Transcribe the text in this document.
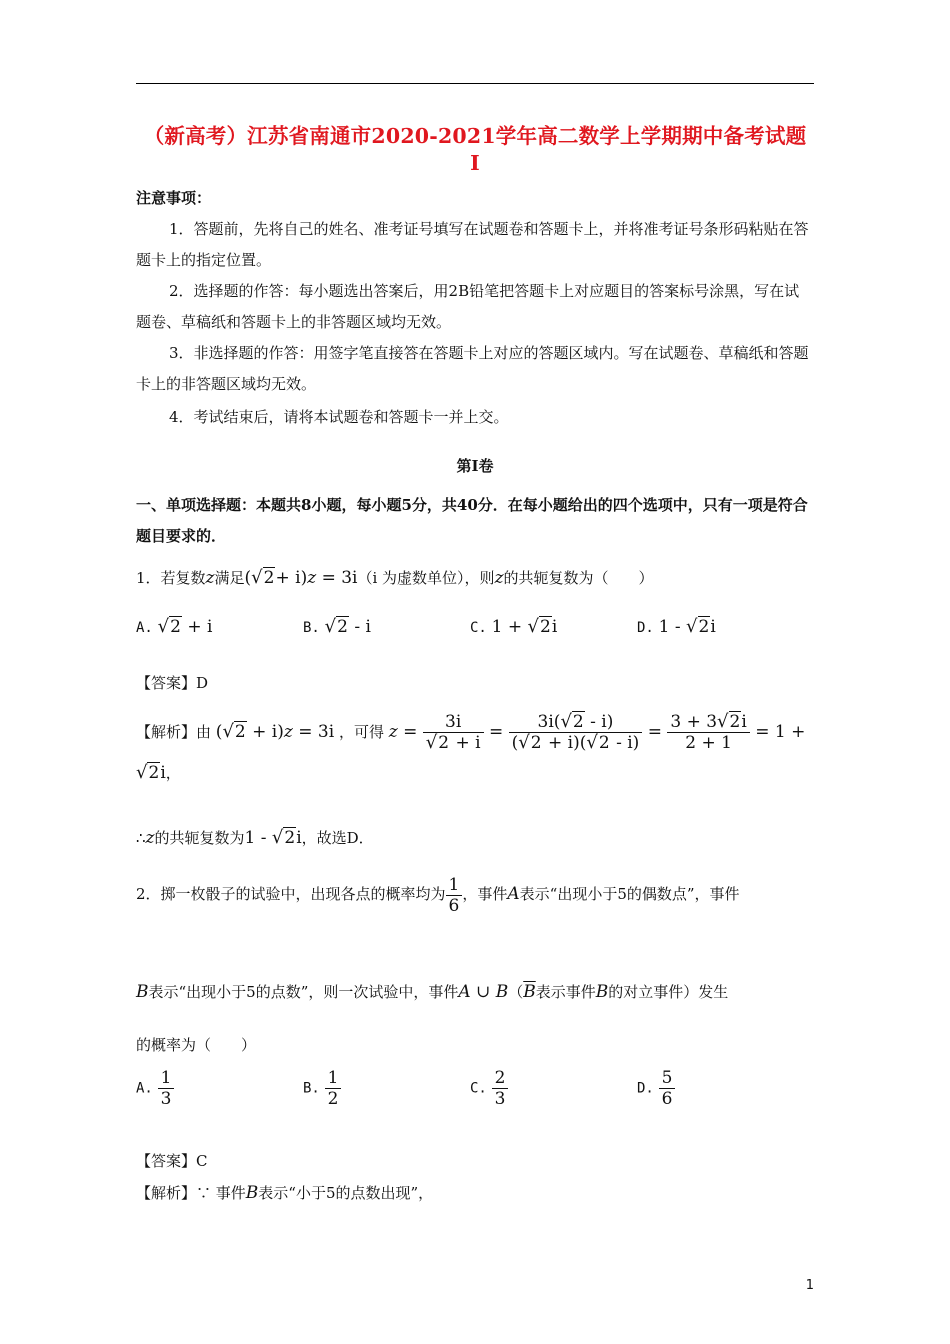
（新高考）江苏省南通市2020-2021学年高二数学上学期期中备考试题
Ⅰ
注意事项：
1．答题前，先将自己的姓名、准考证号填写在试题卷和答题卡上，并将准考证号条形码粘贴在答题卡上的指定位置。
2．选择题的作答：每小题选出答案后，用2B铅笔把答题卡上对应题目的答案标号涂黑，写在试题卷、草稿纸和答题卡上的非答题区域均无效。
3．非选择题的作答：用签字笔直接答在答题卡上对应的答题区域内。写在试题卷、草稿纸和答题卡上的非答题区域均无效。
4．考试结束后，请将本试题卷和答题卡一并上交。
第Ⅰ卷
一、单项选择题：本题共8小题，每小题5分，共40分．在每小题给出的四个选项中，只有一项是符合题目要求的．
1．若复数z满足(√2+ i)z = 3i（i 为虚数单位），则z的共轭复数为（　　）
A. √2 + i	B. √2 - i	C. 1 + √2i	D. 1 - √2i
【答案】D
【解析】由 (√2 + i)z = 3i ，可得 $z = \frac{3i}{√2 + i} = \frac{3i(√2 - i)}{(√2 + i)(√2 - i)} = \frac{3 + 3√2i}{2 + 1} = 1 + √2i$，
∴z的共轭复数为1 - √2i，故选D．
2．掷一枚骰子的试验中，出现各点的概率均为 $\frac{1}{6}$ ，事件A表示“出现小于5的偶数点”，事件
B表示“出现小于5的点数”，则一次试验中，事件A ∪ $B(\overline{B}$表示事件B的对立事件）发生
的概率为（　　）
A. $\frac{1}{3}$	B. $\frac{1}{2}$	C. $\frac{2}{3}$	D. $\frac{5}{6}$
【答案】C
【解析】∵ 事件B表示“小于5的点数出现”，
1
